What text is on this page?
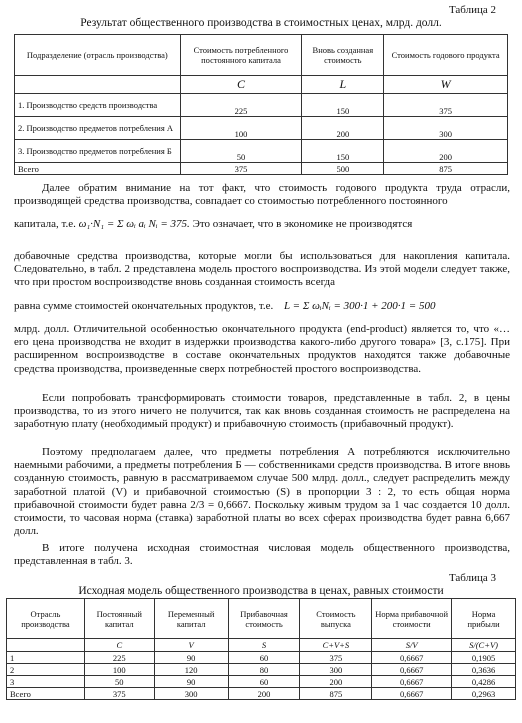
Таблица 2
Результат общественного производства в стоимостных ценах, млрд. долл.
Подразделение (отрасль производства)	Стоимость потребленного постоянного капитала	Вновь созданная стоимость	Стоимость годового продукта
	C	L	W
1. Производство средств производства	225	150	375
2. Производство предметов потребления А	100	200	300
3. Производство предметов потребления Б	50	150	200
Всего	375	500	875

Далее обратим внимание на тот факт, что стоимость годового продукта труда отрасли, производящей средства производства, совпадает со стоимостью потребленного постоянного

капитала, т.е. ω₁·N₁ = Σ ωᵢ aᵢ Nᵢ = 375. Это означает, что в экономике не производятся

добавочные средства производства, которые могли бы использоваться для накопления капитала. Следовательно, в табл. 2 представлена модель простого воспроизводства. Из этой модели следует также, что при простом воспроизводстве вновь созданная стоимость всегда

равна сумме стоимостей окончательных продуктов, т.е. L = Σ ωᵢNᵢ = 300·1 + 200·1 = 500

млрд. долл. Отличительной особенностью окончательного продукта (end-product) является то, что «… его цена производства не входит в издержки производства какого-либо другого товара» [3, с.175]. При расширенном воспроизводстве в составе окончательных продуктов находятся также добавочные средства производства, произведенные сверх потребностей простого воспроизводства.

Если попробовать трансформировать стоимости товаров, представленные в табл. 2, в цены производства, то из этого ничего не получится, так как вновь созданная стоимость не распределена на заработную плату (необходимый продукт) и прибавочную стоимость (прибавочный продукт).

Поэтому предполагаем далее, что предметы потребления А потребляются исключительно наемными рабочими, а предметы потребления Б — собственниками средств производства. В итоге вновь созданную стоимость, равную в рассматриваемом случае 500 млрд. долл., следует распределить между заработной платой (V) и прибавочной стоимостью (S) в пропорции 3 : 2, то есть общая норма прибавочной стоимости будет равна 2/3 = 0,6667. Поскольку живым трудом за 1 час создается 10 долл. стоимости, то часовая норма (ставка) заработной платы во всех сферах производства будет равна 6,667 долл.

В итоге получена исходная стоимостная числовая модель общественного производства, представленная в табл. 3.

Таблица 3
Исходная модель общественного производства в ценах, равных стоимости
Отрасль производства	Постоянный капитал	Переменный капитал	Прибавочная стоимость	Стоимость выпуска	Норма прибавочной стоимости	Норма прибыли
	C	V	S	C+V+S	S/V	S/(C+V)
1	225	90	60	375	0,6667	0,1905
2	100	120	80	300	0,6667	0,3636
3	50	90	60	200	0,6667	0,4286
Всего	375	300	200	875	0,6667	0,2963
